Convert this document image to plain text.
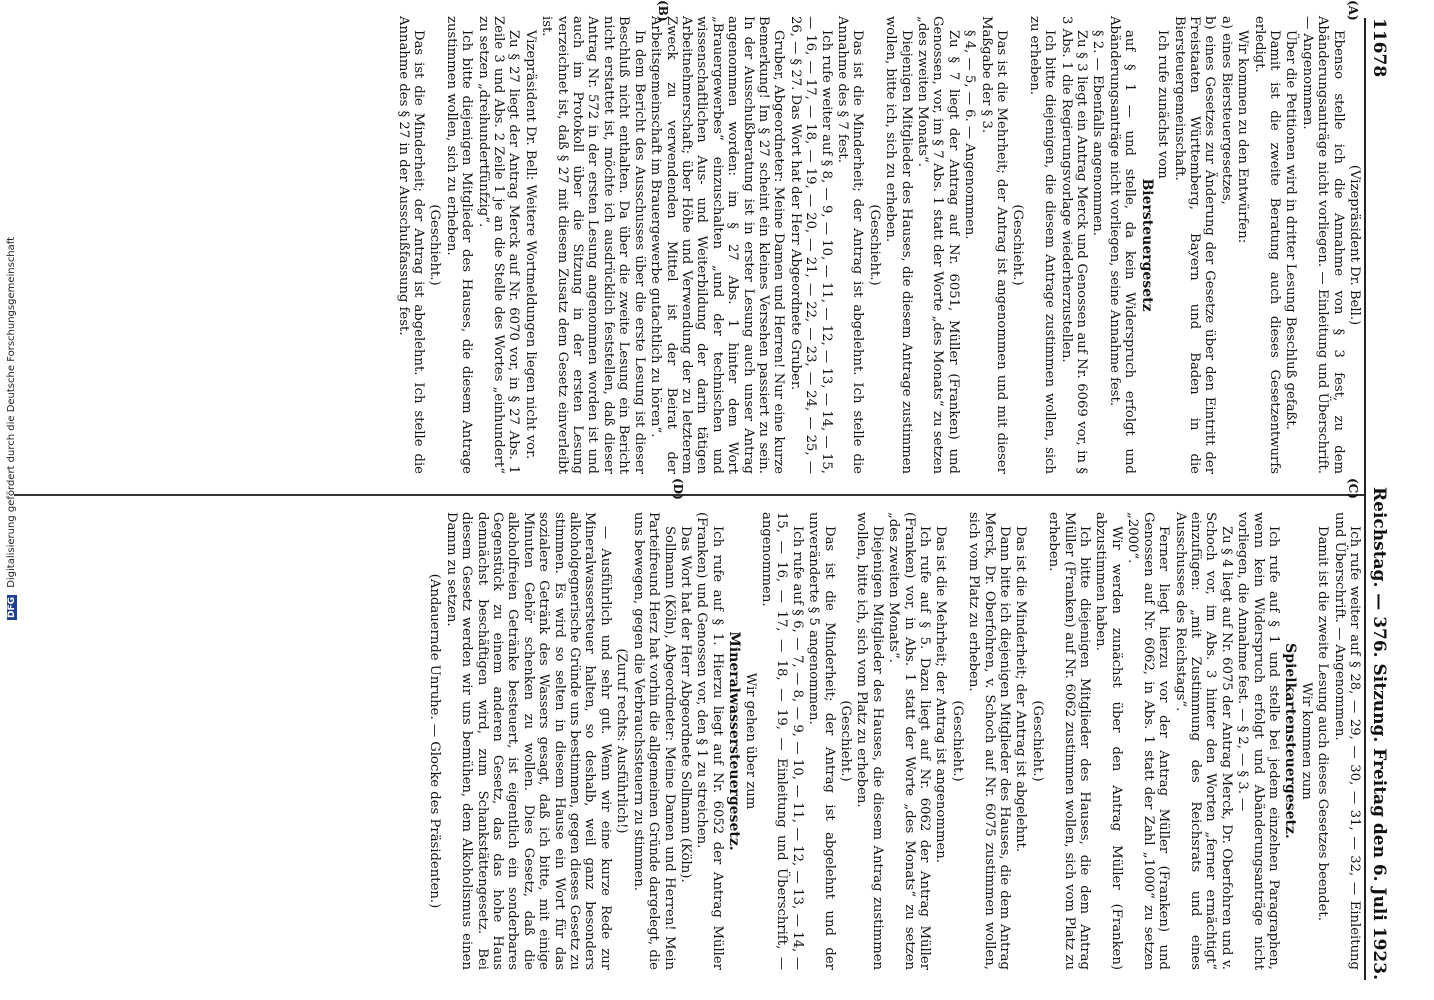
11678
Reichstag. — 376. Sitzung. Freitag den 6. Juli 1923.

(Vizepräsident Dr. Bell.)

Ebenso stelle ich die Annahme von § 3 fest, zu dem Abänderungsanträge nicht vorliegen. — Einleitung und Überschrift. — Angenommen.

Über die Petitionen wird in dritter Lesung Beschluß gefaßt.

Damit ist die zweite Beratung auch dieses Gesetzentwurfs erledigt.

Wir kommen zu den Entwürfen:

a) eines Biersteuergesetzes,

b) eines Gesetzes zur Änderung der Gesetze über den Eintritt der Freistaaten Württemberg, Bayern und Baden in die Biersteuergemeinschaft.

Ich rufe zunächst vom

Biersteuergesetz

auf § 1 — und stelle, da kein Widerspruch erfolgt und Abänderungsanträge nicht vorliegen, seine Annahme fest.

§ 2. — Ebenfalls angenommen.

Zu § 3 liegt ein Antrag Merck und Genossen auf Nr. 6069 vor, in § 3 Abs. 1 die Regierungsvorlage wiederherzustellen.

Ich bitte diejenigen, die diesem Antrage zustimmen wollen, sich zu erheben.

(Geschieht.)

Das ist die Mehrheit; der Antrag ist angenommen und mit dieser Maßgabe der § 3.

§ 4, — 5, — 6. — Angenommen.

Zu § 7 liegt der Antrag auf Nr. 6051, Müller (Franken) und Genossen, vor, im § 7 Abs. 1 statt der Worte „des Monats“ zu setzen „des zweiten Monats“.

Diejenigen Mitglieder des Hauses, die diesem Antrage zustimmen wollen, bitte ich, sich zu erheben.

(Geschieht.)

Das ist die Minderheit; der Antrag ist abgelehnt. Ich stelle die Annahme des § 7 fest.

Ich rufe weiter auf § 8, — 9, — 10, — 11, — 12, — 13, — 14, — 15, — 16, — 17, — 18, — 19, — 20, — 21, — 22, — 23, — 24, — 25, — 26, — § 27. Das Wort hat der Herr Abgeordnete Gruber.

Gruber, Abgeordneter: Meine Damen und Herren! Nur eine kurze Bemerkung! Im § 27 scheint ein kleines Versehen passiert zu sein. In der Ausschußberatung ist in erster Lesung auch unser Antrag angenommen worden: im § 27 Abs. 1 hinter dem Wort „Brauergewerbes“ einzuschalten „und der technischen und wissenschaftlichen Aus- und Weiterbildung der darin tätigen Arbeitnehmerschaft; über Höhe und Verwendung der zu letzterem Zweck zu verwendenden Mittel ist der Beirat der Arbeitsgemeinschaft im Brauergewerbe gutachtlich zu hören“.

In dem Bericht des Ausschusses über die erste Lesung ist dieser Beschluß nicht enthalten. Da über die zweite Lesung ein Bericht nicht erstattet ist, möchte ich ausdrücklich feststellen, daß dieser Antrag Nr. 572 in der ersten Lesung angenommen worden ist und auch im Protokoll über die Sitzung in der ersten Lesung verzeichnet ist, daß § 27 mit diesem Zusatz dem Gesetz einverleibt ist.

Vizepräsident Dr. Bell: Weitere Wortmeldungen liegen nicht vor.

Zu § 27 liegt der Antrag Merck auf Nr. 6070 vor, in § 27 Abs. 1 Zeile 3 und Abs. 2 Zeile 1 je an die Stelle des Wortes „einhundert“ zu setzen „dreihundertfünfzig“.

Ich bitte diejenigen Mitglieder des Hauses, die diesem Antrage zustimmen wollen, sich zu erheben.

(Geschieht.)

Das ist die Minderheit; der Antrag ist abgelehnt. Ich stelle die Annahme des § 27 in der Ausschußfassung fest.

Ich rufe weiter auf § 28, — 29, — 30, — 31, — 32, — Einleitung und Überschrift. — Angenommen.

Damit ist die zweite Lesung auch dieses Gesetzes beendet.

Wir kommen zum

Spielkartensteuergesetz.

Ich rufe auf § 1 und stelle bei jedem einzelnen Paragraphen, wenn kein Widerspruch erfolgt und Abänderungsanträge nicht vorliegen, die Annahme fest. — § 2, — § 3. —

Zu § 4 liegt auf Nr. 6075 der Antrag Merck, Dr. Oberfohren und v. Schoch vor, im Abs. 3 hinter den Worten „ferner ermächtigt“ einzufügen: „mit Zustimmung des Reichsrats und eines Ausschusses des Reichstags“.

Ferner liegt hierzu vor der Antrag Müller (Franken) und Genossen auf Nr. 6062, in Abs. 1 statt der Zahl „1000“ zu setzen „2000“.

Wir werden zunächst über den Antrag Müller (Franken) abzustimmen haben.

Ich bitte diejenigen Mitglieder des Hauses, die dem Antrag Müller (Franken) auf Nr. 6062 zustimmen wollen, sich vom Platz zu erheben.

(Geschieht.)

Das ist die Minderheit; der Antrag ist abgelehnt.

Dann bitte ich diejenigen Mitglieder des Hauses, die dem Antrag Merck, Dr. Oberfohren, v. Schoch auf Nr. 6075 zustimmen wollen, sich vom Platz zu erheben.

(Geschieht.)

Das ist die Mehrheit; der Antrag ist angenommen.

Ich rufe auf § 5. Dazu liegt auf Nr. 6062 der Antrag Müller (Franken) vor, in Abs. 1 statt der Worte „des Monats“ zu setzen „des zweiten Monats“.

Diejenigen Mitglieder des Hauses, die diesem Antrag zustimmen wollen, bitte ich, sich vom Platz zu erheben.

(Geschieht.)

Das ist die Minderheit; der Antrag ist abgelehnt und der unveränderte § 5 angenommen.

Ich rufe auf § 6, — 7, — 8, — 9, — 10, — 11, — 12, — 13, — 14, — 15, — 16, — 17, — 18, — 19, — Einleitung und Überschrift, — angenommen.

Wir gehen über zum

Mineralwassersteuergesetz.

Ich rufe auf § 1. Hierzu liegt auf Nr. 6052 der Antrag Müller (Franken) und Genossen vor, den § 1 zu streichen.

Das Wort hat der Herr Abgeordnete Sollmann (Köln).

Sollmann (Köln), Abgeordneter: Meine Damen und Herren! Mein Parteifreund Herz hat vorhin die allgemeinen Gründe dargelegt, die uns bewegen, gegen die Verbrauchssteuern zu stimmen.

(Zuruf rechts: Ausführlich!)

— Ausführlich und sehr gut. Wenn wir eine kurze Rede zur Mineralwassersteuer halten, so deshalb, weil ganz besonders alkoholgegnerische Gründe uns bestimmen, gegen dieses Gesetz zu stimmen. Es wird so selten in diesem Hause ein Wort für das sozialere Getränk des Wassers gesagt, daß ich bitte, mit einige Minuten Gehör schenken zu wollen. Dies Gesetz, daß die alkoholfreien Getränke besteuert, ist eigentlich ein sonderbares Gegenstück zu einem anderen Gesetz, das das hohe Haus demnächst beschäftigen wird, zum Schankstättengesetz. Bei diesem Gesetz werden wir uns bemühen, dem Alkoholismus einen Damm zu setzen.

(Andauernde Unruhe. — Glocke des Präsidenten.)

(A)
(B)
(C)
(D)
DFG Digitalisierung gefördert durch die Deutsche Forschungsgemeinschaft
